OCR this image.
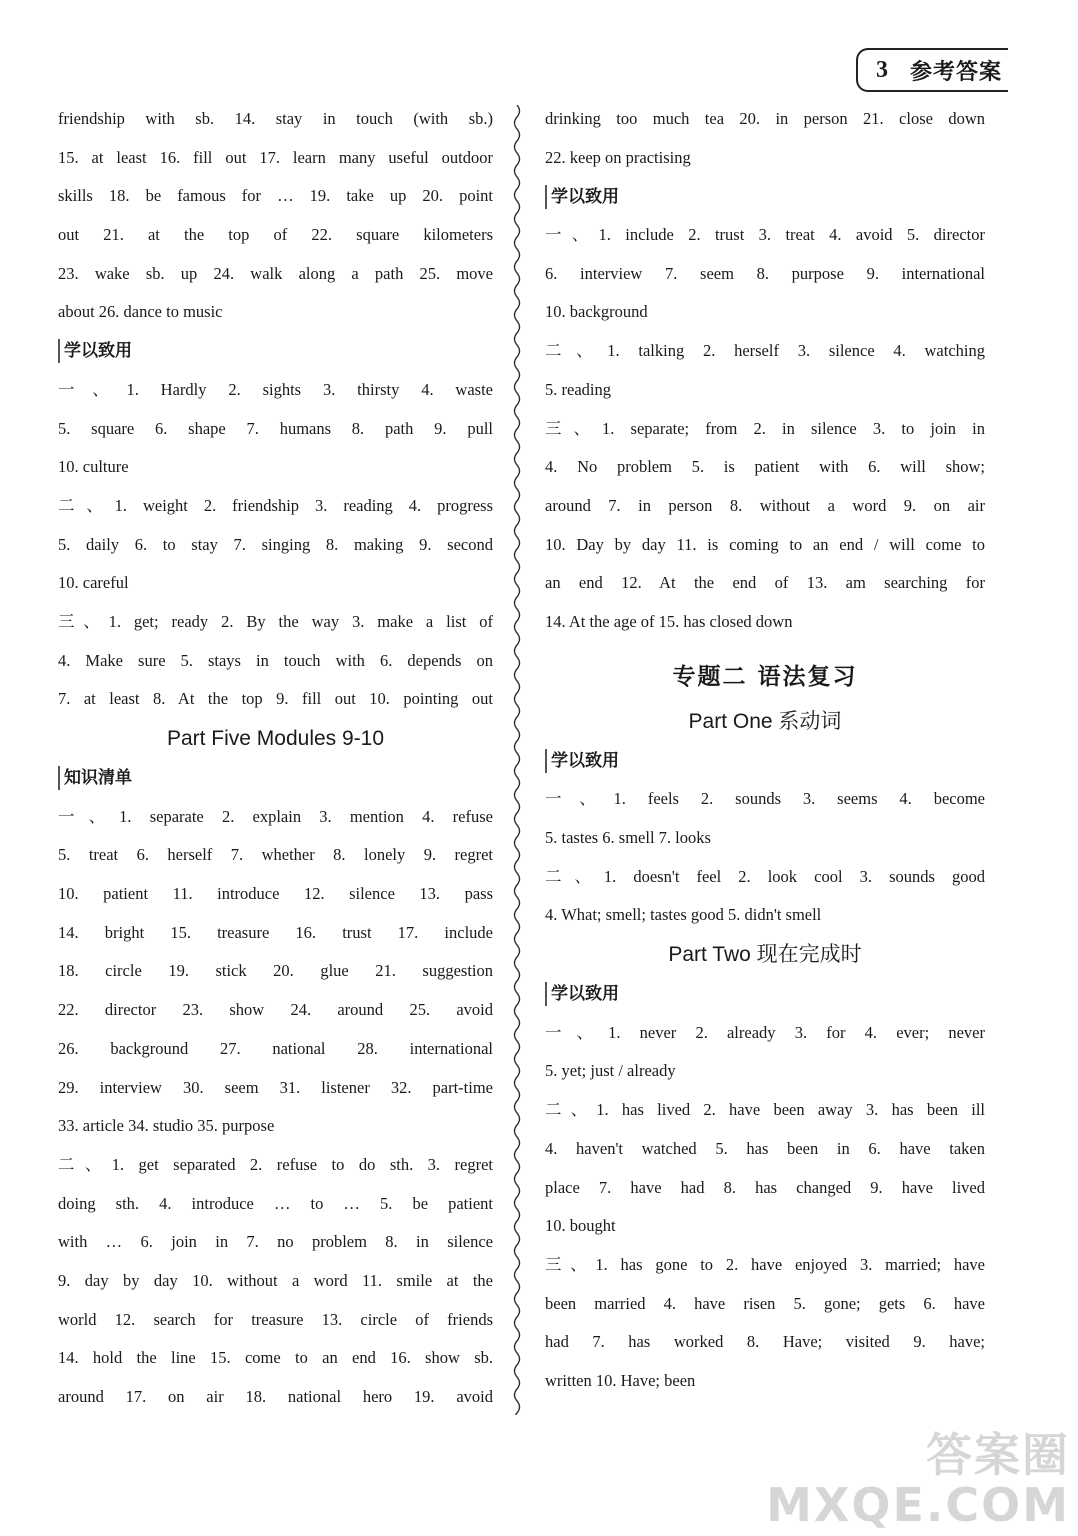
3	参考答案
friendship with sb. 14. stay in touch (with sb.)
15. at least 16. fill out 17. learn many useful outdoor
skills 18. be famous for … 19. take up 20. point
out 21. at the top of 22. square kilometers
23. wake sb. up 24. walk along a path 25. move
about 26. dance to music
学以致用
一、1. Hardly 2. sights 3. thirsty 4. waste
5. square 6. shape 7. humans 8. path 9. pull
10. culture
二、1. weight 2. friendship 3. reading 4. progress
5. daily 6. to stay 7. singing 8. making 9. second
10. careful
三、1. get; ready 2. By the way 3. make a list of
4. Make sure 5. stays in touch with 6. depends on
7. at least 8. At the top 9. fill out 10. pointing out
Part Five Modules 9-10
知识清单
一、1. separate 2. explain 3. mention 4. refuse
5. treat 6. herself 7. whether 8. lonely 9. regret
10. patient 11. introduce 12. silence 13. pass
14. bright 15. treasure 16. trust 17. include
18. circle 19. stick 20. glue 21. suggestion
22. director 23. show 24. around 25. avoid
26. background 27. national 28. international
29. interview 30. seem 31. listener 32. part-time
33. article 34. studio 35. purpose
二、1. get separated 2. refuse to do sth. 3. regret
doing sth. 4. introduce … to … 5. be patient
with … 6. join in 7. no problem 8. in silence
9. day by day 10. without a word 11. smile at the
world 12. search for treasure 13. circle of friends
14. hold the line 15. come to an end 16. show sb.
around 17. on air 18. national hero 19. avoid
drinking too much tea 20. in person 21. close down
22. keep on practising
学以致用
一、1. include 2. trust 3. treat 4. avoid 5. director
6. interview 7. seem 8. purpose 9. international
10. background
二、1. talking 2. herself 3. silence 4. watching
5. reading
三、1. separate; from 2. in silence 3. to join in
4. No problem 5. is patient with 6. will show;
around 7. in person 8. without a word 9. on air
10. Day by day 11. is coming to an end / will come to
an end 12. At the end of 13. am searching for
14. At the age of 15. has closed down
专题二 语法复习
Part One 系动词
学以致用
一、1. feels 2. sounds 3. seems 4. become
5. tastes 6. smell 7. looks
二、1. doesn't feel 2. look cool 3. sounds good
4. What; smell; tastes good 5. didn't smell
Part Two 现在完成时
学以致用
一、1. never 2. already 3. for 4. ever; never
5. yet; just / already
二、1. has lived 2. have been away 3. has been ill
4. haven't watched 5. has been in 6. have taken
place 7. have had 8. has changed 9. have lived
10. bought
三、1. has gone to 2. have enjoyed 3. married; have
been married 4. have risen 5. gone; gets 6. have
had 7. has worked 8. Have; visited 9. have;
written 10. Have; been
答案圈
MXQE.COM
